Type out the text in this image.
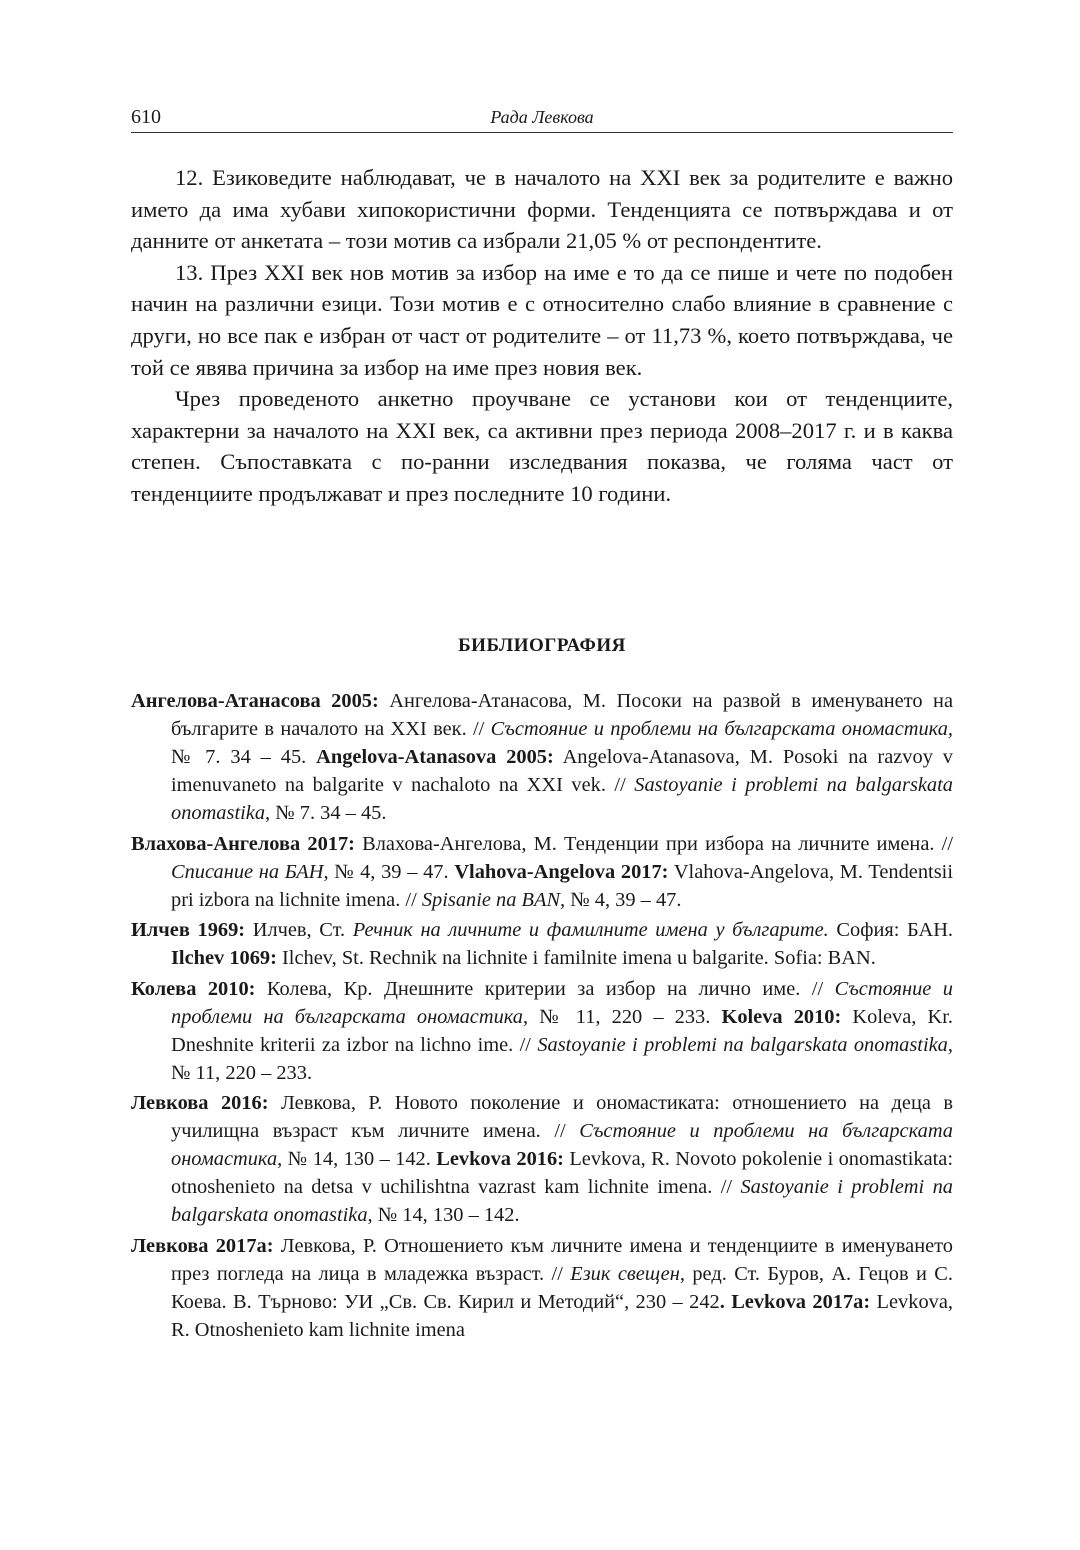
610	Рада Левкова

12. Езиковедите наблюдават, че в началото на XXI век за родителите е важно името да има хубави хипокористични форми. Тенденцията се потвърждава и от данните от анкетата – този мотив са избрали 21,05 % от респондентите.

13. През XXI век нов мотив за избор на име е то да се пише и чете по подобен начин на различни езици. Този мотив е с относително слабо влияние в сравнение с други, но все пак е избран от част от родителите – от 11,73 %, което потвърждава, че той се явява причина за избор на име през новия век.

Чрез проведеното анкетно проучване се установи кои от тенденциите, характерни за началото на XXI век, са активни през периода 2008–2017 г. и в каква степен. Съпоставката с по-ранни изследвания показва, че голяма част от тенденциите продължават и през последните 10 години.

БИБЛИОГРАФИЯ

Ангелова-Атанасова 2005: Ангелова-Атанасова, М. Посоки на развой в именуването на българите в началото на XXI век. // Състояние и проблеми на българската ономастика, № 7. 34 – 45. Angelova-Atanasova 2005: Angelova-Atanasova, M. Posoki na razvoy v imenuvaneto na balgarite v nachaloto na XXI vek. // Sastoyanie i problemi na balgarskata onomastika, № 7. 34 – 45.

Влахова-Ангелова 2017: Влахова-Ангелова, М. Тенденции при избора на личните имена. // Списание на БАН, № 4, 39 – 47. Vlahova-Angelova 2017: Vlahova-Angelova, M. Tendentsii pri izbora na lichnite imena. // Spisanie na BAN, № 4, 39 – 47.

Илчев 1969: Илчев, Ст. Речник на личните и фамилните имена у българите. София: БАН. Ilchev 1069: Ilchev, St. Rechnik na lichnite i familnite imena u balgarite. Sofia: BAN.

Колева 2010: Колева, Кр. Днешните критерии за избор на лично име. // Състояние и проблеми на българската ономастика, № 11, 220 – 233. Koleva 2010: Koleva, Kr. Dneshnite kriterii za izbor na lichno ime. // Sastoyanie i problemi na balgarskata onomastika, № 11, 220 – 233.

Левкова 2016: Левкова, Р. Новото поколение и ономастиката: отношението на деца в училищна възраст към личните имена. // Състояние и проблеми на българската ономастика, № 14, 130 – 142. Levkova 2016: Levkova, R. Novoto pokolenie i onomastikata: otnoshenieto na detsa v uchilishtna vazrast kam lichnite imena. // Sastoyanie i problemi na balgarskata onomastika, № 14, 130 – 142.

Левкова 2017а: Левкова, Р. Отношението към личните имена и тенденциите в именуването през погледа на лица в младежка възраст. // Език свещен, ред. Ст. Буров, А. Гецов и С. Коева. В. Търново: УИ „Св. Св. Кирил и Методий“, 230 – 242. Levkova 2017a: Levkova, R. Otnoshenieto kam lichnite imena
